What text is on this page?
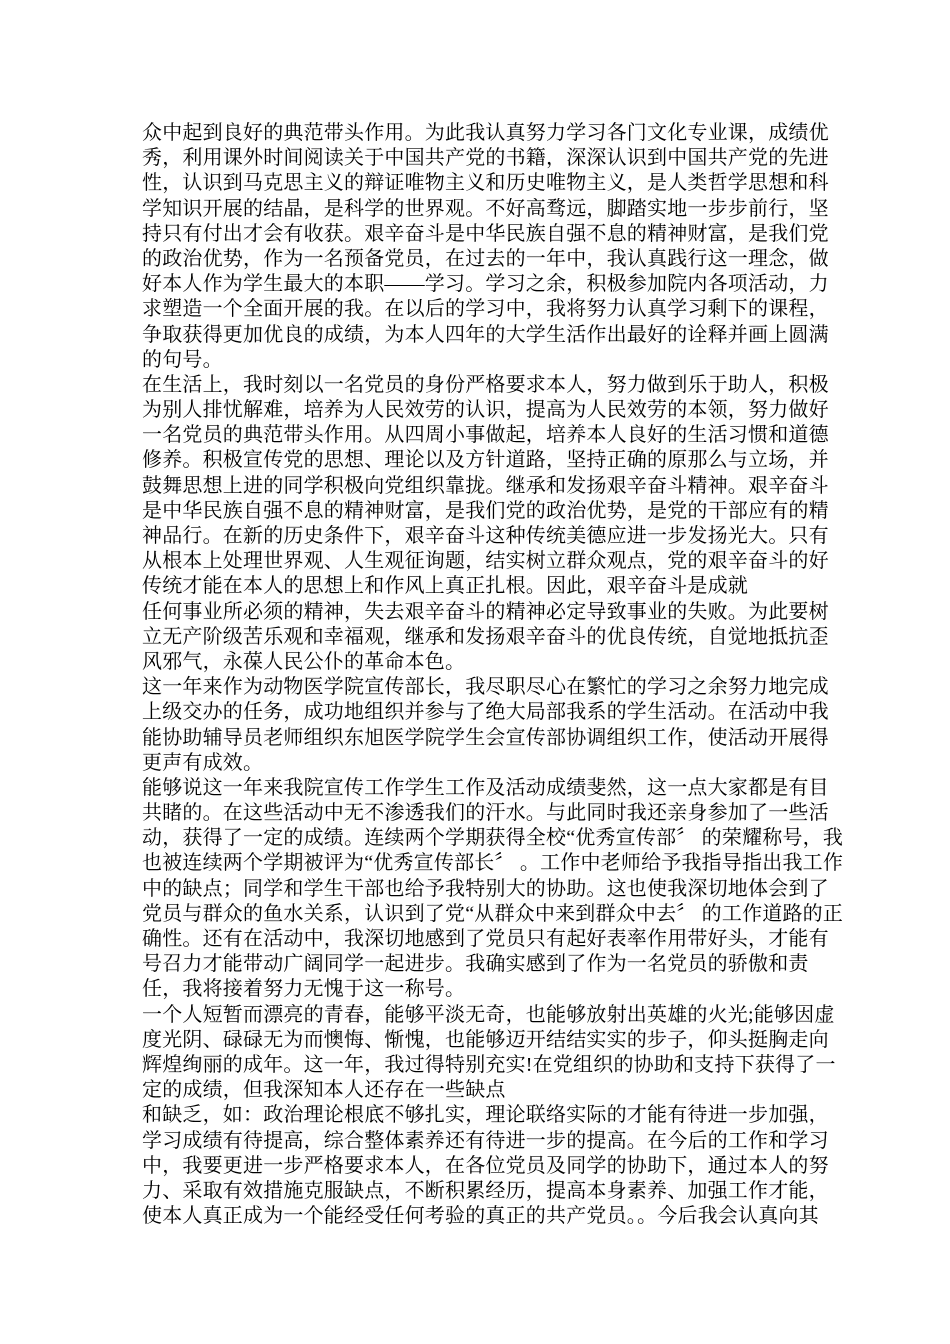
众中起到良好的典范带头作用。为此我认真努力学习各门文化专业课，成绩优
秀，利用课外时间阅读关于中国共产党的书籍，深深认识到中国共产党的先进
性，认识到马克思主义的辩证唯物主义和历史唯物主义，是人类哲学思想和科
学知识开展的结晶，是科学的世界观。不好高骛远，脚踏实地一步步前行，坚
持只有付出才会有收获。艰辛奋斗是中华民族自强不息的精神财富，是我们党
的政治优势，作为一名预备党员，在过去的一年中，我认真践行这一理念，做
好本人作为学生最大的本职——学习。学习之余，积极参加院内各项活动，力
求塑造一个全面开展的我。在以后的学习中，我将努力认真学习剩下的课程，
争取获得更加优良的成绩，为本人四年的大学生活作出最好的诠释并画上圆满
的句号。
在生活上，我时刻以一名党员的身份严格要求本人，努力做到乐于助人，积极
为别人排忧解难，培养为人民效劳的认识，提高为人民效劳的本领，努力做好
一名党员的典范带头作用。从四周小事做起，培养本人良好的生活习惯和道德
修养。积极宣传党的思想、理论以及方针道路，坚持正确的原那么与立场，并
鼓舞思想上进的同学积极向党组织靠拢。继承和发扬艰辛奋斗精神。艰辛奋斗
是中华民族自强不息的精神财富，是我们党的政治优势，是党的干部应有的精
神品行。在新的历史条件下，艰辛奋斗这种传统美德应进一步发扬光大。只有
从根本上处理世界观、人生观征询题，结实树立群众观点，党的艰辛奋斗的好
传统才能在本人的思想上和作风上真正扎根。因此，艰辛奋斗是成就
任何事业所必须的精神，失去艰辛奋斗的精神必定导致事业的失败。为此要树
立无产阶级苦乐观和幸福观，继承和发扬艰辛奋斗的优良传统，自觉地抵抗歪
风邪气，永葆人民公仆的革命本色。
这一年来作为动物医学院宣传部长，我尽职尽心在繁忙的学习之余努力地完成
上级交办的任务，成功地组织并参与了绝大局部我系的学生活动。在活动中我
能协助辅导员老师组织东旭医学院学生会宣传部协调组织工作，使活动开展得
更声有成效。
能够说这一年来我院宣传工作学生工作及活动成绩斐然，这一点大家都是有目
共睹的。在这些活动中无不渗透我们的汗水。与此同时我还亲身参加了一些活
动，获得了一定的成绩。连续两个学期获得全校“优秀宣传部〞 的荣耀称号，我
也被连续两个学期被评为“优秀宣传部长〞 。工作中老师给予我指导指出我工作
中的缺点；同学和学生干部也给予我特别大的协助。这也使我深切地体会到了
党员与群众的鱼水关系，认识到了党“从群众中来到群众中去〞 的工作道路的正
确性。还有在活动中，我深切地感到了党员只有起好表率作用带好头，才能有
号召力才能带动广阔同学一起进步。我确实感到了作为一名党员的骄傲和责
任，我将接着努力无愧于这一称号。
一个人短暂而漂亮的青春，能够平淡无奇，也能够放射出英雄的火光;能够因虚
度光阴、碌碌无为而懊悔、惭愧，也能够迈开结结实实的步子，仰头挺胸走向
辉煌绚丽的成年。这一年，我过得特别充实!在党组织的协助和支持下获得了一
定的成绩，但我深知本人还存在一些缺点
和缺乏，如：政治理论根底不够扎实，理论联络实际的才能有待进一步加强，
学习成绩有待提高，综合整体素养还有待进一步的提高。在今后的工作和学习
中，我要更进一步严格要求本人，在各位党员及同学的协助下，通过本人的努
力、采取有效措施克服缺点，不断积累经历，提高本身素养、加强工作才能，
使本人真正成为一个能经受任何考验的真正的共产党员。。今后我会认真向其
